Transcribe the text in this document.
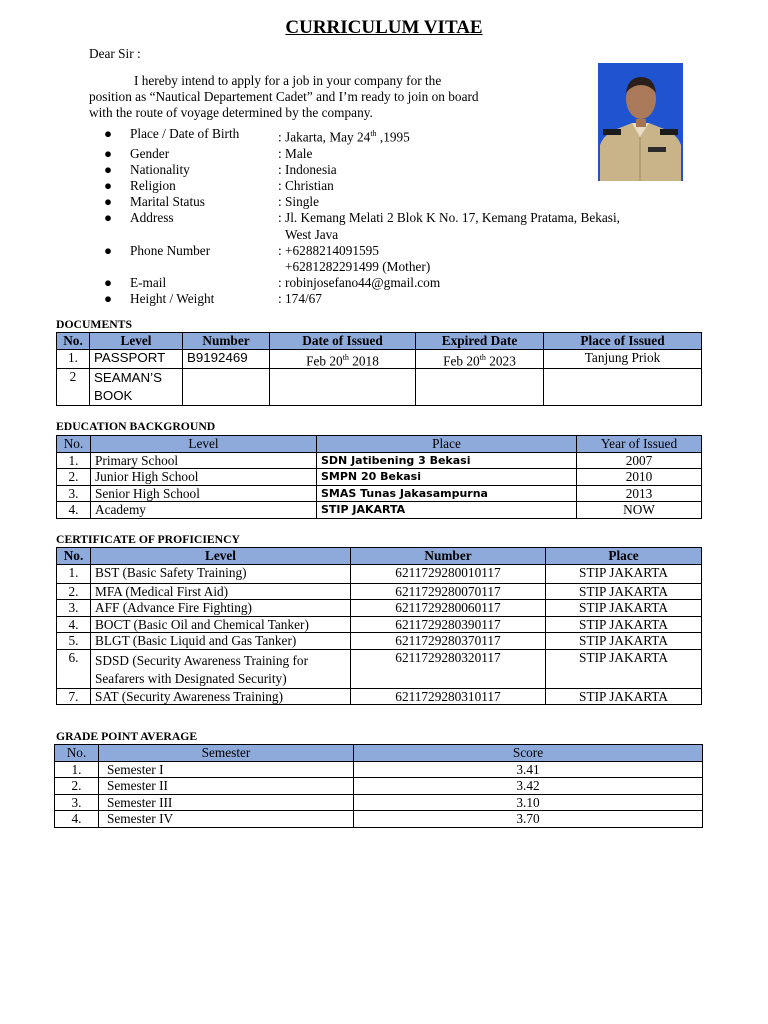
CURRICULUM VITAE
Dear Sir :
I hereby intend to apply for a job in your company for the position as “Nautical Departement Cadet” and I’m ready to join on board with the route of voyage determined by the company.
●	Place / Date of Birth	: Jakarta, May 24th ,1995
●	Gender	: Male
●	Nationality	: Indonesia
●	Religion	: Christian
●	Marital Status	: Single
●	Address	: Jl. Kemang Melati 2 Blok K No. 17, Kemang Pratama, Bekasi,
West Java
●	Phone Number	: +6288214091595
+6281282291499 (Mother)
●	E-mail	: robinjosefano44@gmail.com
●	Height / Weight	: 174/67
DOCUMENTS
No.	Level	Number	Date of Issued	Expired Date	Place of Issued
1.	PASSPORT	B9192469	Feb 20th 2018	Feb 20th 2023	Tanjung Priok
2	SEAMAN’S BOOK				
EDUCATION BACKGROUND
No.	Level	Place	Year of Issued
1.	Primary School	SDN Jatibening 3 Bekasi	2007
2.	Junior High School	SMPN 20 Bekasi	2010
3.	Senior High School	SMAS Tunas Jakasampurna	2013
4.	Academy	STIP JAKARTA	NOW
CERTIFICATE OF PROFICIENCY
No.	Level	Number	Place
1.	BST (Basic Safety Training)	6211729280010117	STIP JAKARTA
2.	MFA (Medical First Aid)	6211729280070117	STIP JAKARTA
3.	AFF (Advance Fire Fighting)	6211729280060117	STIP JAKARTA
4.	BOCT (Basic Oil and Chemical Tanker)	6211729280390117	STIP JAKARTA
5.	BLGT (Basic Liquid and Gas Tanker)	6211729280370117	STIP JAKARTA
6.	SDSD (Security Awareness Training for Seafarers with Designated Security)	6211729280320117	STIP JAKARTA
7.	SAT (Security Awareness Training)	6211729280310117	STIP JAKARTA
GRADE POINT AVERAGE
No.	Semester	Score
1.	Semester I	3.41
2.	Semester II	3.42
3.	Semester III	3.10
4.	Semester IV	3.70
